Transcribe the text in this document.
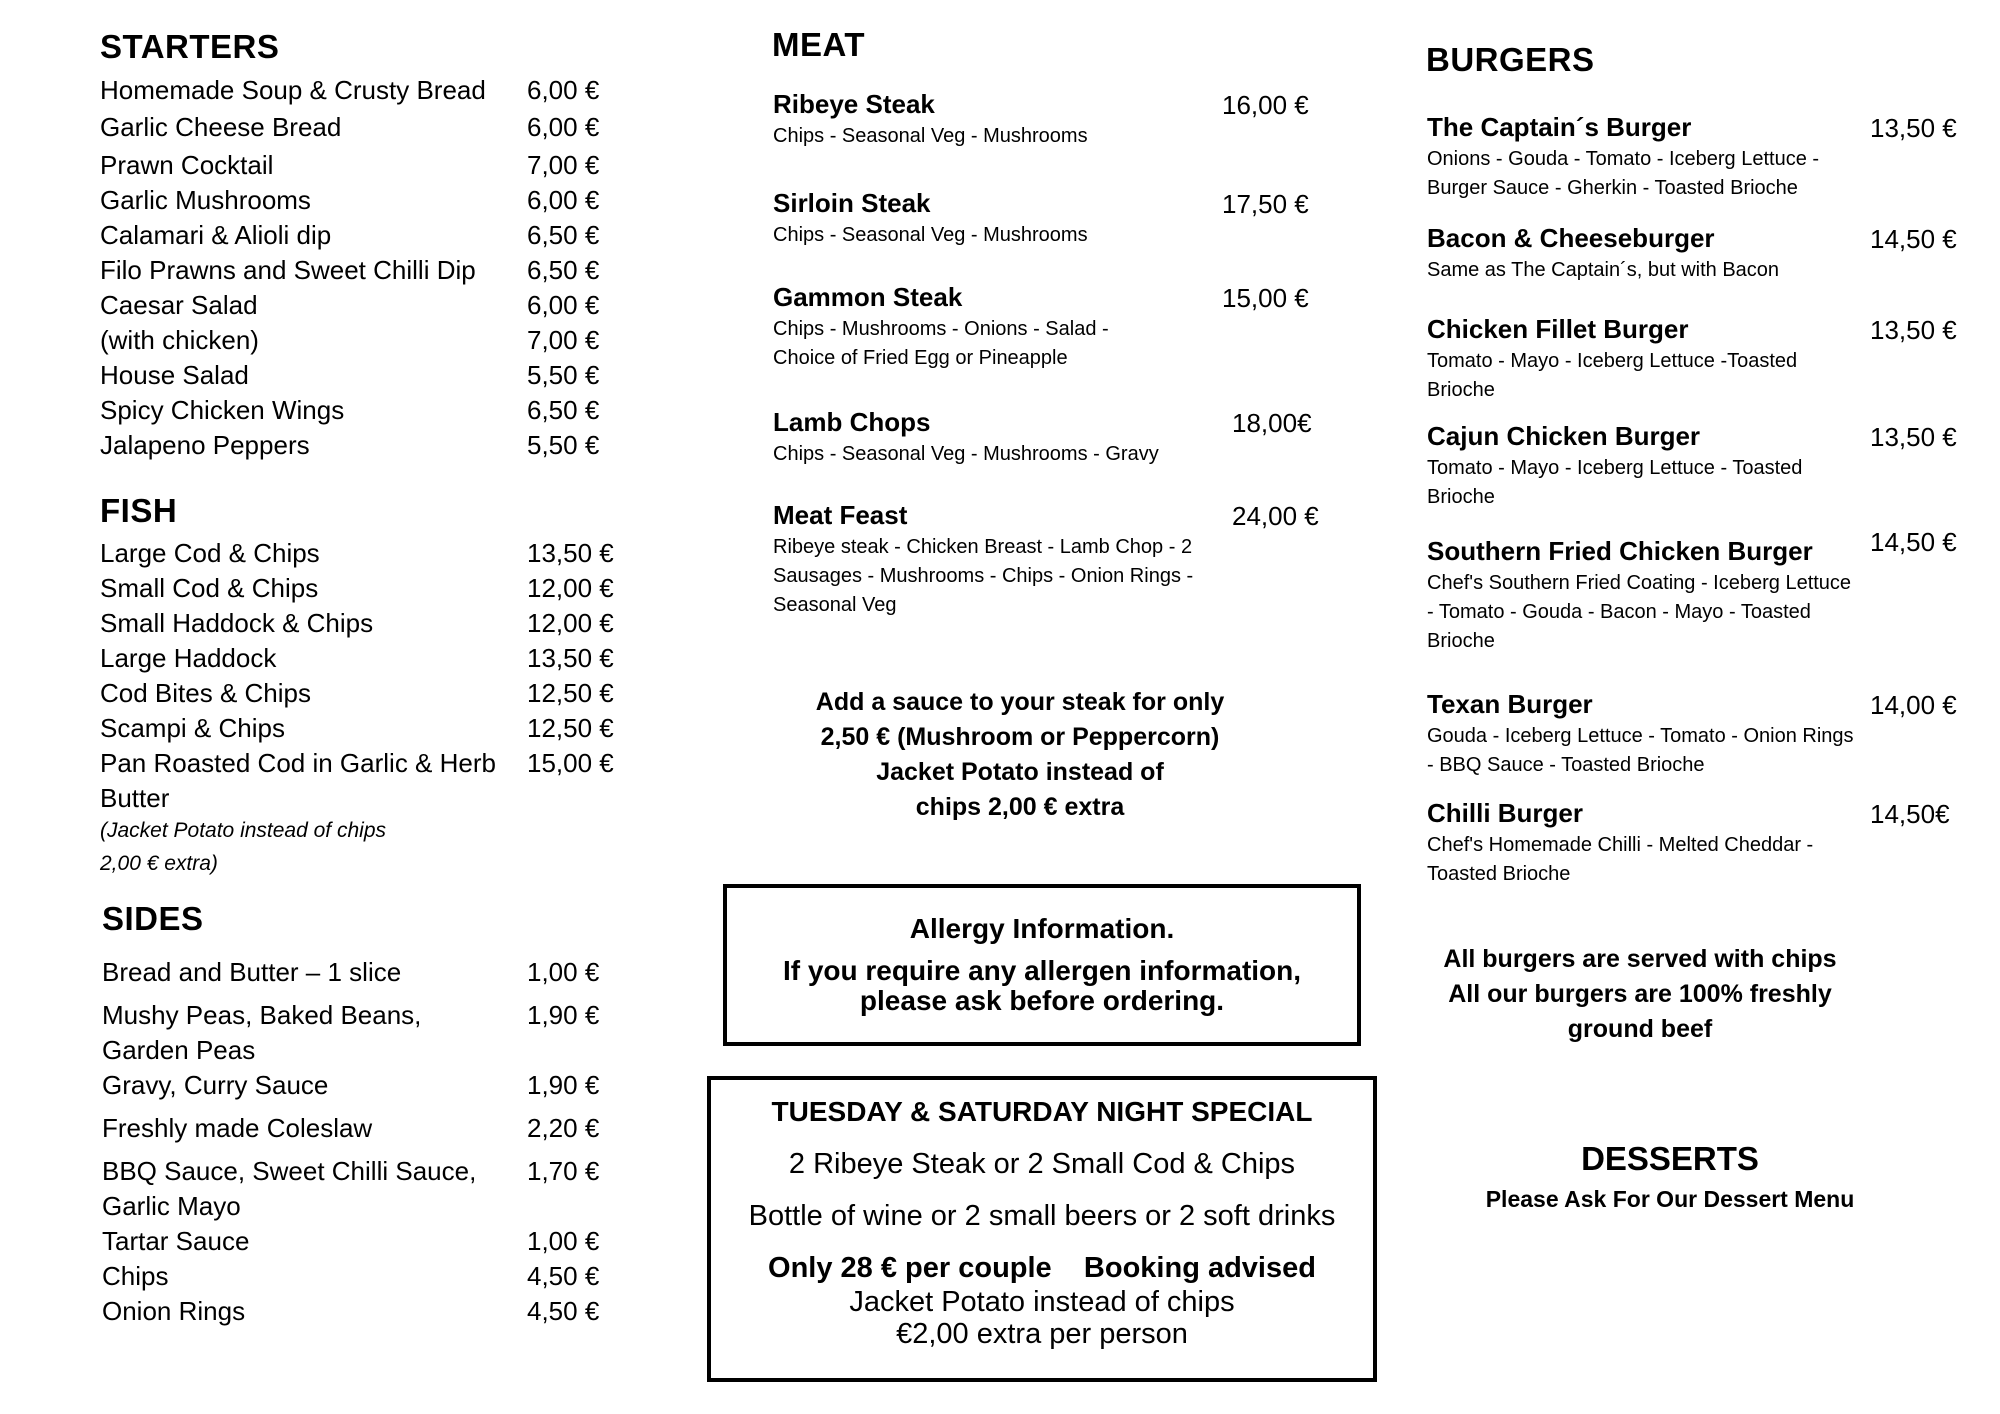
STARTERS
Homemade Soup & Crusty Bread 6,00 €
Garlic Cheese Bread	6,00 €
Prawn Cocktail	7,00 €
Garlic Mushrooms	6,00 €
Calamari & Alioli dip	6,50 €
Filo Prawns and Sweet Chilli Dip 6,50 €
Caesar Salad	6,00 €
(with chicken)	7,00 €
House Salad	5,50 €
Spicy Chicken Wings	6,50 €
Jalapeno Peppers	5,50 €
FISH
Large Cod & Chips	13,50 €
Small Cod & Chips	12,00 €
Small Haddock & Chips	12,00 €
Large Haddock	13,50 €
Cod Bites & Chips	12,50 €
Scampi & Chips	12,50 €
Pan Roasted Cod in Garlic & Herb 15,00 €
Butter
(Jacket Potato instead of chips
2,00 € extra)
SIDES
Bread and Butter – 1 slice	1,00 €
Mushy Peas, Baked Beans,
Garden Peas
1,90 €
Gravy, Curry Sauce	1,90 €
Freshly made Coleslaw	2,20 €
BBQ Sauce, Sweet Chilli Sauce,
Garlic Mayo
1,70 €
Tartar Sauce	1,00 €
Chips	4,50 €
Onion Rings	4,50 €
MEAT
Ribeye Steak	16,00 €
Chips - Seasonal Veg - Mushrooms
Sirloin Steak	17,50 €
Chips - Seasonal Veg - Mushrooms
Gammon Steak	15,00 €
Chips - Mushrooms - Onions - Salad - Choice of Fried Egg or Pineapple
Lamb Chops	18,00€
Chips - Seasonal Veg - Mushrooms - Gravy
Meat Feast	24,00 €
Ribeye steak - Chicken Breast - Lamb Chop - 2 Sausages - Mushrooms - Chips - Onion Rings - Seasonal Veg
Add a sauce to your steak for only
2,50 € (Mushroom or Peppercorn)
Jacket Potato instead of
chips 2,00 € extra
Allergy Information.
If you require any allergen information,
please ask before ordering.
TUESDAY & SATURDAY NIGHT SPECIAL
2 Ribeye Steak or 2 Small Cod & Chips
Bottle of wine or 2 small beers or 2 soft drinks
Only 28 € per couple    Booking advised
Jacket Potato instead of chips
€2,00 extra per person
BURGERS
The Captain´s Burger	13,50 €
Onions - Gouda - Tomato - Iceberg Lettuce - Burger Sauce - Gherkin - Toasted Brioche
Bacon & Cheeseburger	14,50 €
Same as The Captain´s, but with Bacon
Chicken Fillet Burger	13,50 €
Tomato - Mayo - Iceberg Lettuce -Toasted Brioche
Cajun Chicken Burger	13,50 €
Tomato - Mayo - Iceberg Lettuce - Toasted Brioche
Southern Fried Chicken Burger 14,50 €
Chef's Southern Fried Coating - Iceberg Lettuce - Tomato - Gouda - Bacon - Mayo - Toasted Brioche
Texan Burger	14,00 €
Gouda - Iceberg Lettuce - Tomato - Onion Rings - BBQ Sauce - Toasted Brioche
Chilli Burger	14,50€
Chef's Homemade Chilli - Melted Cheddar - Toasted Brioche
All burgers are served with chips
All our burgers are 100% freshly
ground beef
DESSERTS
Please Ask For Our Dessert Menu
